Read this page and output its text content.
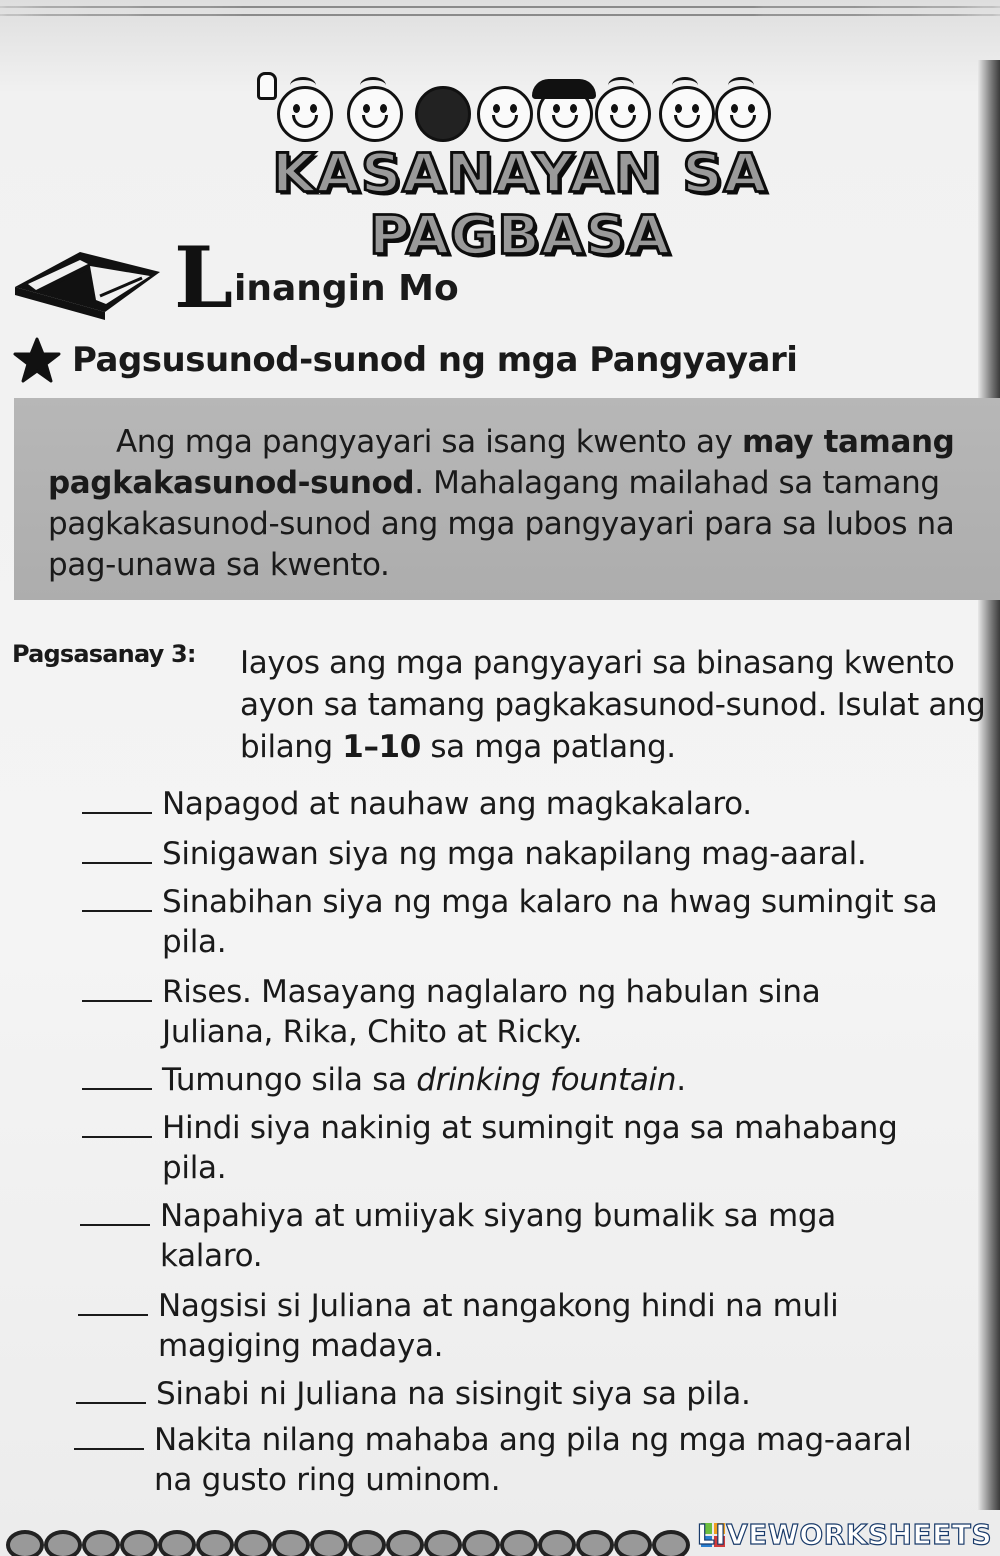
KASANAYAN SA PAGBASA
L inangin Mo
Pagsusunod-sunod ng mga Pangyayari

Ang mga pangyayari sa isang kwento ay may tamang pagkakasunod-sunod. Mahalagang mailahad sa tamang pagkakasunod-sunod ang mga pangyayari para sa lubos na pag-unawa sa kwento.

Pagsasanay 3: Iayos ang mga pangyayari sa binasang kwento ayon sa tamang pagkakasunod-sunod. Isulat ang bilang 1–10 sa mga patlang.
Napagod at nauhaw ang magkakalaro.
Sinigawan siya ng mga nakapilang mag-aaral.
Sinabihan siya ng mga kalaro na hwag sumingit sa
pila.
Rises. Masayang naglalaro ng habulan sina
Juliana, Rika, Chito at Ricky.
Tumungo sila sa drinking fountain.
Hindi siya nakinig at sumingit nga sa mahabang
pila.
Napahiya at umiiyak siyang bumalik sa mga
kalaro.
Nagsisi si Juliana at nangakong hindi na muli
magiging madaya.
Sinabi ni Juliana na sisingit siya sa pila.
Nakita nilang mahaba ang pila ng mga mag-aaral
na gusto ring uminom.
LIVEWORKSHEETS
